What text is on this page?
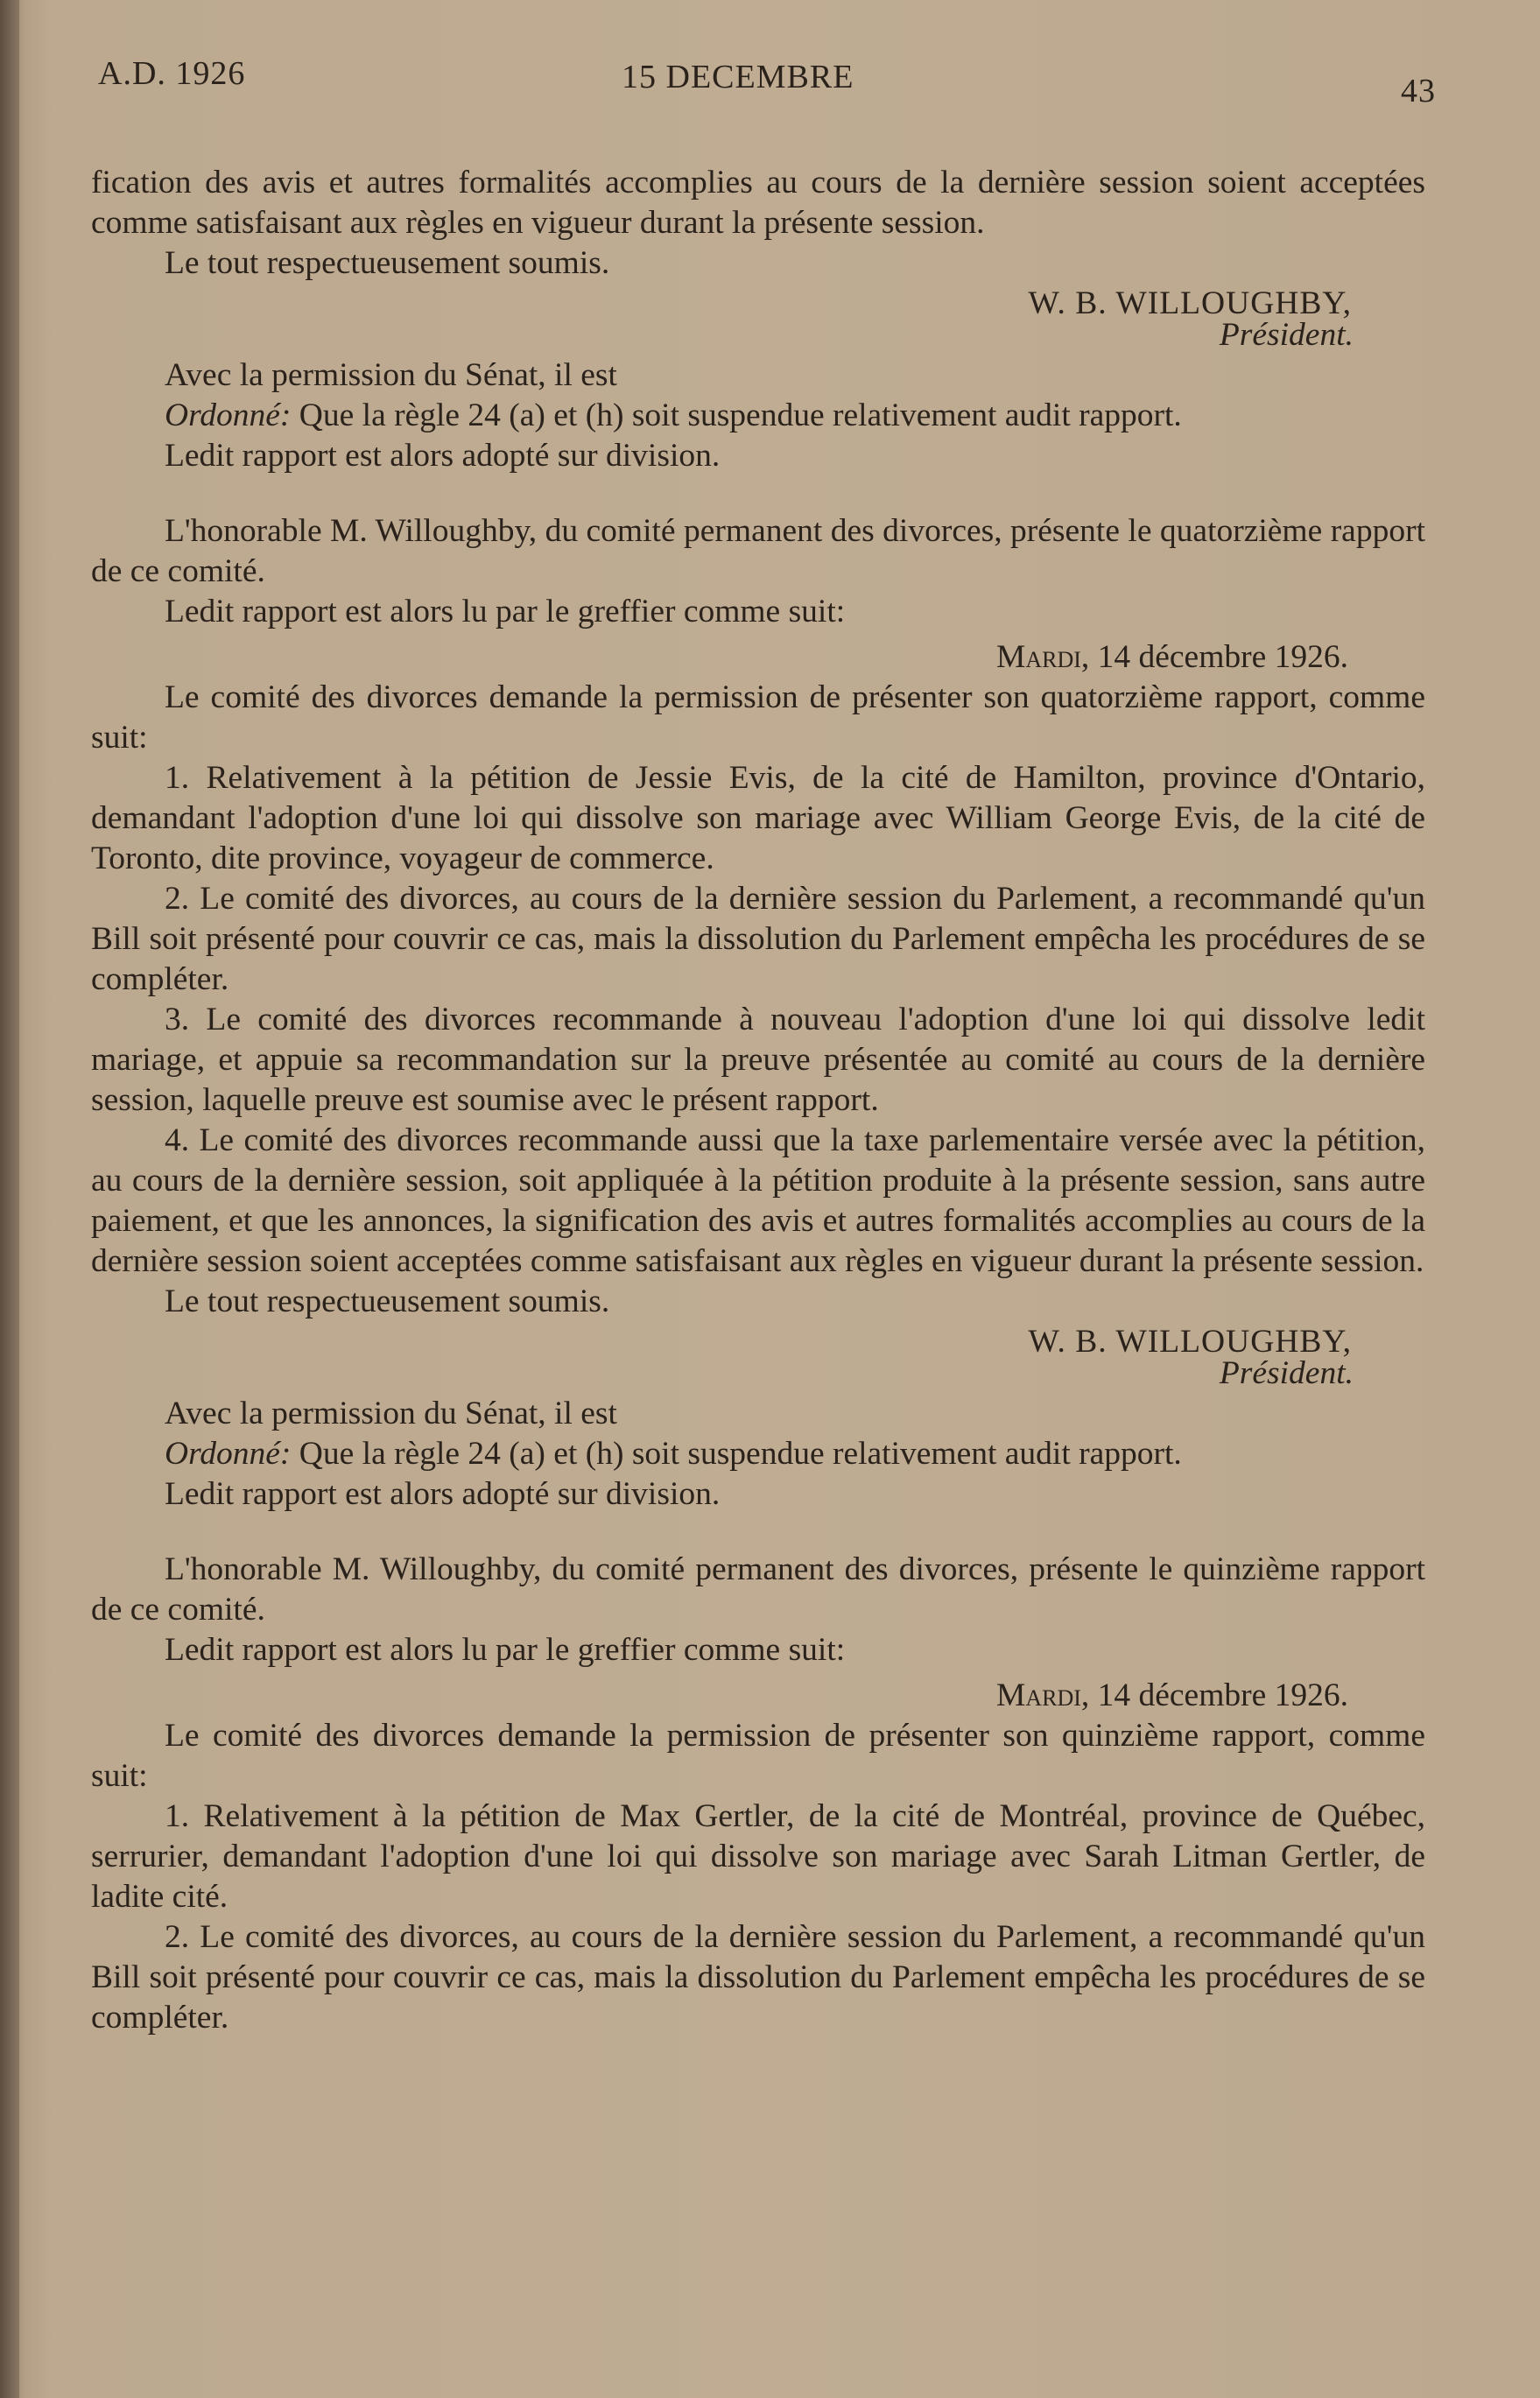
A.D. 1926	15 DECEMBRE	43

fication des avis et autres formalités accomplies au cours de la dernière session soient acceptées comme satisfaisant aux règles en vigueur durant la présente session.

Le tout respectueusement soumis.

W. B. WILLOUGHBY,

Président.

Avec la permission du Sénat, il est

Ordonné: Que la règle 24 (a) et (h) soit suspendue relativement audit rapport.

Ledit rapport est alors adopté sur division.

L'honorable M. Willoughby, du comité permanent des divorces, présente le quatorzième rapport de ce comité.

Ledit rapport est alors lu par le greffier comme suit:

Mardi, 14 décembre 1926.

Le comité des divorces demande la permission de présenter son quatorzième rapport, comme suit:

1. Relativement à la pétition de Jessie Evis, de la cité de Hamilton, province d'Ontario, demandant l'adoption d'une loi qui dissolve son mariage avec William George Evis, de la cité de Toronto, dite province, voyageur de commerce.

2. Le comité des divorces, au cours de la dernière session du Parlement, a recommandé qu'un Bill soit présenté pour couvrir ce cas, mais la dissolution du Parlement empêcha les procédures de se compléter.

3. Le comité des divorces recommande à nouveau l'adoption d'une loi qui dissolve ledit mariage, et appuie sa recommandation sur la preuve présentée au comité au cours de la dernière session, laquelle preuve est soumise avec le présent rapport.

4. Le comité des divorces recommande aussi que la taxe parlementaire versée avec la pétition, au cours de la dernière session, soit appliquée à la pétition produite à la présente session, sans autre paiement, et que les annonces, la signification des avis et autres formalités accomplies au cours de la dernière session soient acceptées comme satisfaisant aux règles en vigueur durant la présente session.

Le tout respectueusement soumis.

W. B. WILLOUGHBY,

Président.

Avec la permission du Sénat, il est

Ordonné: Que la règle 24 (a) et (h) soit suspendue relativement audit rapport.

Ledit rapport est alors adopté sur division.

L'honorable M. Willoughby, du comité permanent des divorces, présente le quinzième rapport de ce comité.

Ledit rapport est alors lu par le greffier comme suit:

Mardi, 14 décembre 1926.

Le comité des divorces demande la permission de présenter son quinzième rapport, comme suit:

1. Relativement à la pétition de Max Gertler, de la cité de Montréal, province de Québec, serrurier, demandant l'adoption d'une loi qui dissolve son mariage avec Sarah Litman Gertler, de ladite cité.

2. Le comité des divorces, au cours de la dernière session du Parlement, a recommandé qu'un Bill soit présenté pour couvrir ce cas, mais la dissolution du Parlement empêcha les procédures de se compléter.
